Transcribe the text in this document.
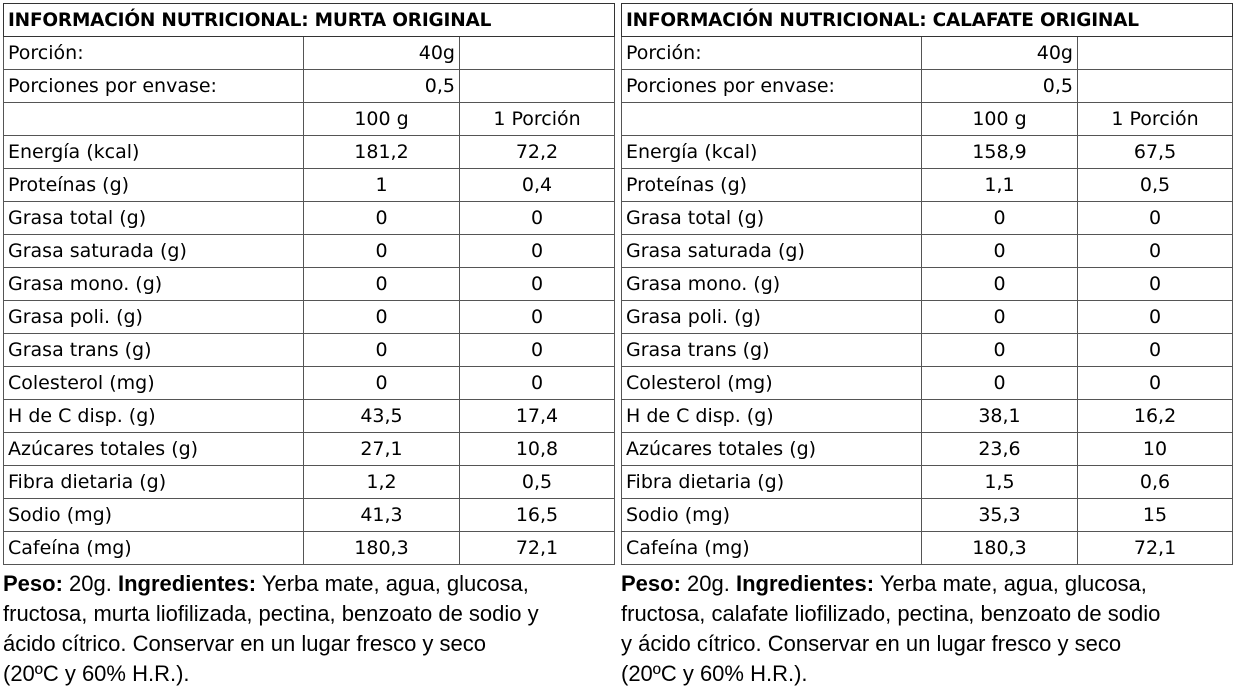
INFORMACIÓN NUTRICIONAL: MURTA ORIGINAL		
Porción:	40g	
Porciones por envase:	0,5	
	100 g	1 Porción
Energía (kcal)	181,2	72,2
Proteínas (g)	1	0,4
Grasa total (g)	0	0
Grasa saturada (g)	0	0
Grasa mono. (g)	0	0
Grasa poli. (g)	0	0
Grasa trans (g)	0	0
Colesterol (mg)	0	0
H de C disp. (g)	43,5	17,4
Azúcares totales (g)	27,1	10,8
Fibra dietaria (g)	1,2	0,5
Sodio (mg)	41,3	16,5
Cafeína (mg)	180,3	72,1
INFORMACIÓN NUTRICIONAL: CALAFATE ORIGINAL		
Porción:	40g	
Porciones por envase:	0,5	
	100 g	1 Porción
Energía (kcal)	158,9	67,5
Proteínas (g)	1,1	0,5
Grasa total (g)	0	0
Grasa saturada (g)	0	0
Grasa mono. (g)	0	0
Grasa poli. (g)	0	0
Grasa trans (g)	0	0
Colesterol (mg)	0	0
H de C disp. (g)	38,1	16,2
Azúcares totales (g)	23,6	10
Fibra dietaria (g)	1,5	0,6
Sodio (mg)	35,3	15
Cafeína (mg)	180,3	72,1
Peso: 20g. Ingredientes: Yerba mate, agua, glucosa,
fructosa, murta liofilizada, pectina, benzoato de sodio y
ácido cítrico. Conservar en un lugar fresco y seco
(20ºC y 60% H.R.).
Peso: 20g. Ingredientes: Yerba mate, agua, glucosa,
fructosa, calafate liofilizado, pectina, benzoato de sodio
y ácido cítrico. Conservar en un lugar fresco y seco
(20ºC y 60% H.R.).
